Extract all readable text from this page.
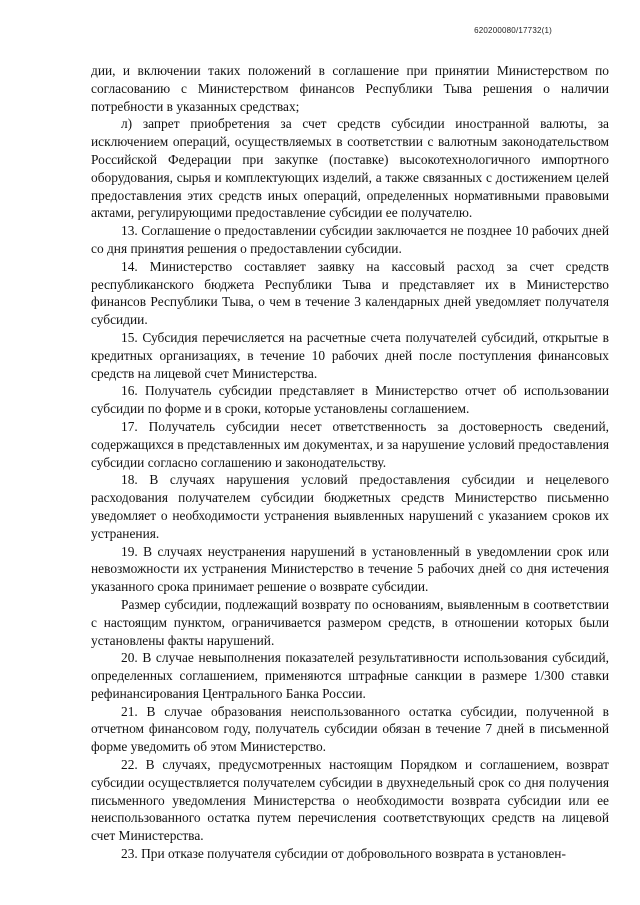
620200080/17732(1)

дии, и включении таких положений в соглашение при принятии Министерством по согласованию с Министерством финансов Республики Тыва решения о наличии потребности в указанных средствах;

л) запрет приобретения за счет средств субсидии иностранной валюты, за исключением операций, осуществляемых в соответствии с валютным законодательством Российской Федерации при закупке (поставке) высокотехнологичного импортного оборудования, сырья и комплектующих изделий, а также связанных с достижением целей предоставления этих средств иных операций, определенных нормативными правовыми актами, регулирующими предоставление субсидии ее получателю.

13. Соглашение о предоставлении субсидии заключается не позднее 10 рабочих дней со дня принятия решения о предоставлении субсидии.

14. Министерство составляет заявку на кассовый расход за счет средств республиканского бюджета Республики Тыва и представляет их в Министерство финансов Республики Тыва, о чем в течение 3 календарных дней уведомляет получателя субсидии.

15. Субсидия перечисляется на расчетные счета получателей субсидий, открытые в кредитных организациях, в течение 10 рабочих дней после поступления финансовых средств на лицевой счет Министерства.

16. Получатель субсидии представляет в Министерство отчет об использовании субсидии по форме и в сроки, которые установлены соглашением.

17. Получатель субсидии несет ответственность за достоверность сведений, содержащихся в представленных им документах, и за нарушение условий предоставления субсидии согласно соглашению и законодательству.

18. В случаях нарушения условий предоставления субсидии и нецелевого расходования получателем субсидии бюджетных средств Министерство письменно уведомляет о необходимости устранения выявленных нарушений с указанием сроков их устранения.

19. В случаях неустранения нарушений в установленный в уведомлении срок или невозможности их устранения Министерство в течение 5 рабочих дней со дня истечения указанного срока принимает решение о возврате субсидии.

Размер субсидии, подлежащий возврату по основаниям, выявленным в соответствии с настоящим пунктом, ограничивается размером средств, в отношении которых были установлены факты нарушений.

20. В случае невыполнения показателей результативности использования субсидий, определенных соглашением, применяются штрафные санкции в размере 1/300 ставки рефинансирования Центрального Банка России.

21. В случае образования неиспользованного остатка субсидии, полученной в отчетном финансовом году, получатель субсидии обязан в течение 7 дней в письменной форме уведомить об этом Министерство.

22. В случаях, предусмотренных настоящим Порядком и соглашением, возврат субсидии осуществляется получателем субсидии в двухнедельный срок со дня получения письменного уведомления Министерства о необходимости возврата субсидии или ее неиспользованного остатка путем перечисления соответствующих средств на лицевой счет Министерства.

23. При отказе получателя субсидии от добровольного возврата в установлен-
